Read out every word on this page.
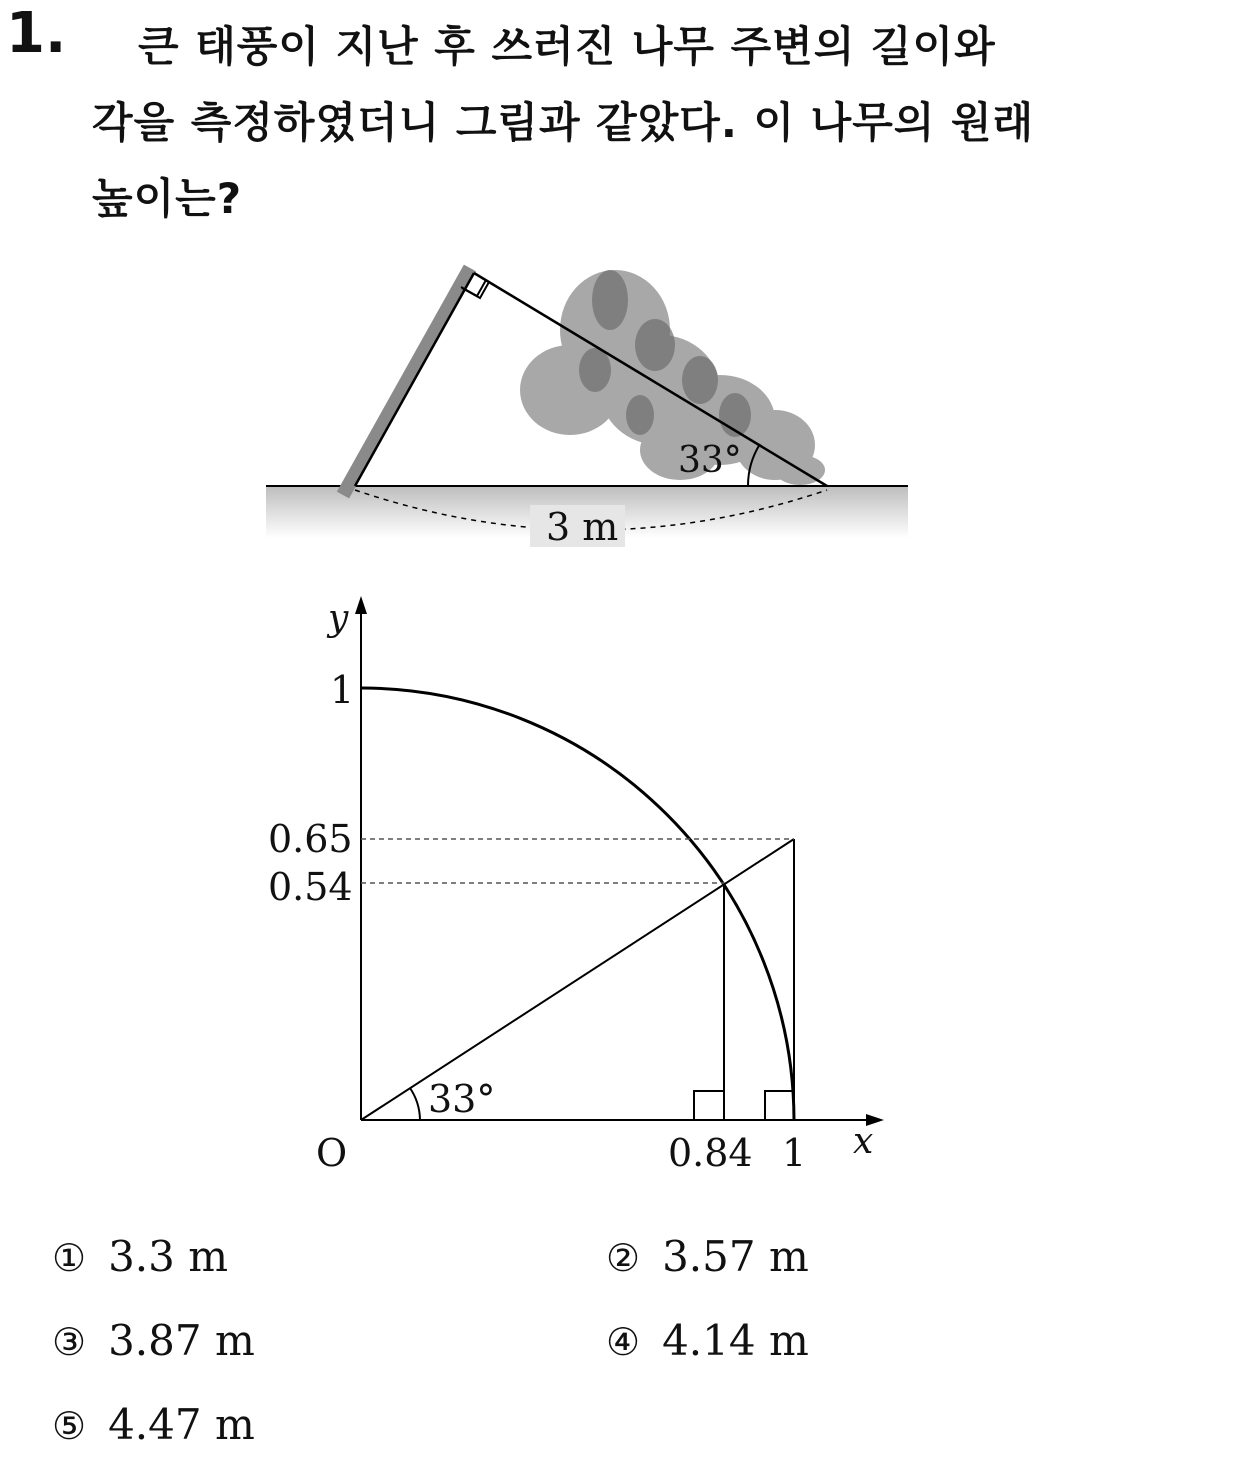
1. 큰 태풍이 지난 후 쓰러진 나무 주변의 길이와
각을 측정하였더니 그림과 같았다. 이 나무의 원래
높이는?
33°
3 m
y
x
O
33°
1
0.65
0.54
0.84 1
① 3.3 m	② 3.57 m
③ 3.87 m	④ 4.14 m
⑤ 4.47 m
